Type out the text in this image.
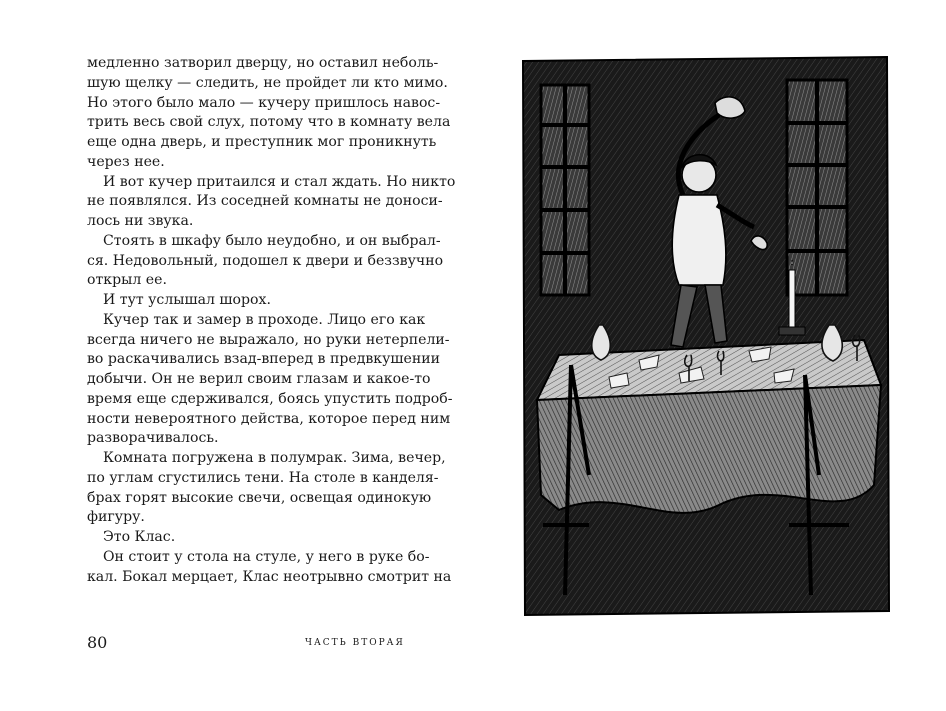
медленно затворил дверцу, но оставил неболь-
шую щелку — следить, не пройдет ли кто мимо.
Но этого было мало — кучеру пришлось навос-
трить весь свой слух, потому что в комнату вела
еще одна дверь, и преступник мог проникнуть
через нее.
И вот кучер притаился и стал ждать. Но никто
не появлялся. Из соседней комнаты не доноси-
лось ни звука.
Стоять в шкафу было неудобно, и он выбрал-
ся. Недовольный, подошел к двери и беззвучно
открыл ее.
И тут услышал шорох.
Кучер так и замер в проходе. Лицо его как
всегда ничего не выражало, но руки нетерпели-
во раскачивались взад-вперед в предвкушении
добычи. Он не верил своим глазам и какое-то
время еще сдерживался, боясь упустить подроб-
ности невероятного действа, которое перед ним
разворачивалось.
Комната погружена в полумрак. Зима, вечер,
по углам сгустились тени. На столе в канделя-
брах горят высокие свечи, освещая одинокую
фигуру.
Это Клас.
Он стоит у стола на стуле, у него в руке бо-
кал. Бокал мерцает, Клас неотрывно смотрит на
80	ЧАСТЬ ВТОРАЯ
